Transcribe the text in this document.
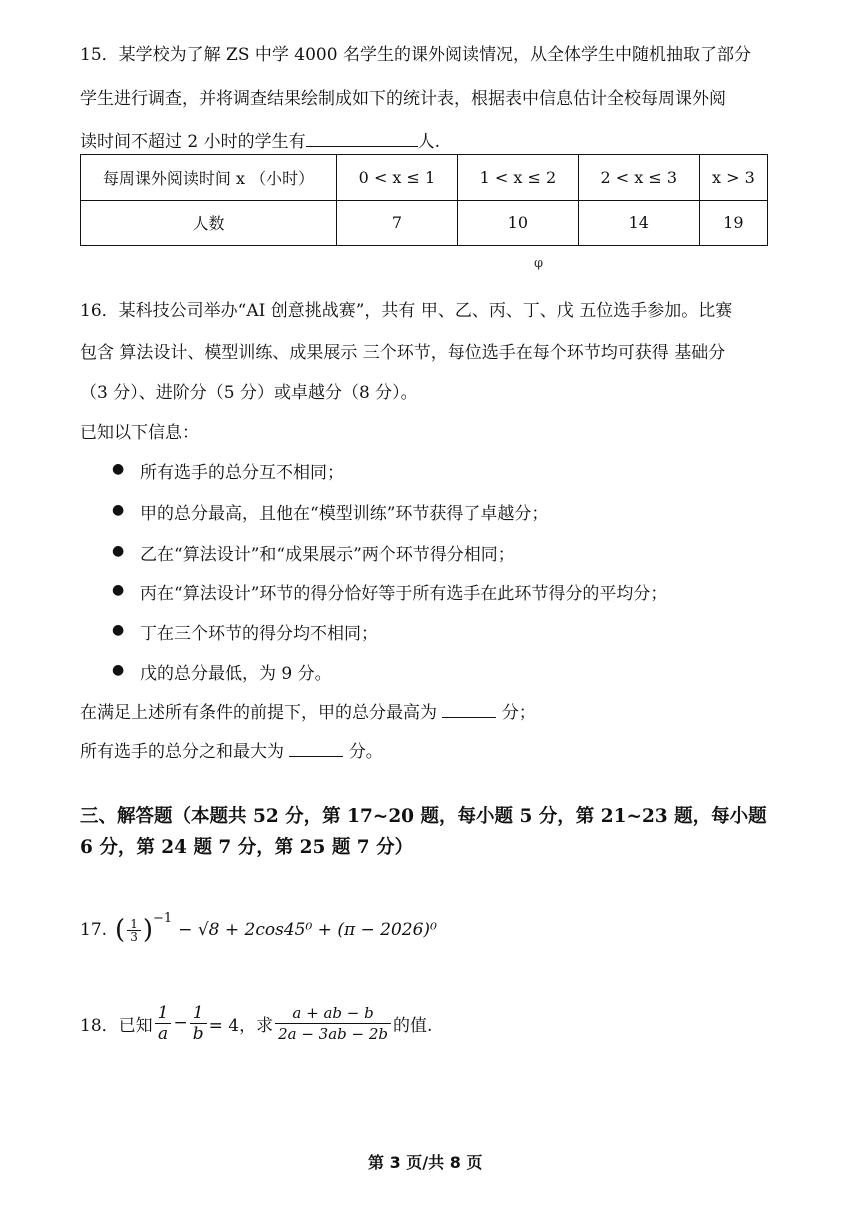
15．某学校为了解 ZS 中学 4000 名学生的课外阅读情况，从全体学生中随机抽取了部分
学生进行调查，并将调查结果绘制成如下的统计表，根据表中信息估计全校每周课外阅
读时间不超过 2 小时的学生有	人.
每周课外阅读时间 x （小时）	0 < x ≤ 1	1 < x ≤ 2	2 < x ≤ 3	x > 3
人数	7	10	14	19
φ
16．某科技公司举办“AI 创意挑战赛”，共有 甲、乙、丙、丁、戊 五位选手参加。比赛
包含 算法设计、模型训练、成果展示 三个环节，每位选手在每个环节均可获得 基础分
（3 分）、进阶分（5 分）或卓越分（8 分）。
已知以下信息：
● 所有选手的总分互不相同；
● 甲的总分最高，且他在“模型训练”环节获得了卓越分；
● 乙在“算法设计”和“成果展示”两个环节得分相同；
● 丙在“算法设计”环节的得分恰好等于所有选手在此环节得分的平均分；
● 丁在三个环节的得分均不相同；
● 戊的总分最低，为 9 分。
在满足上述所有条件的前提下，甲的总分最高为	分；
所有选手的总分之和最大为	分。
三、解答题（本题共 52 分，第 17~20 题，每小题 5 分，第 21~23 题，每小题
6 分，第 24 题 7 分，第 25 题 7 分）
17. ( $\frac{1}{3} )^{-1}$
− √8 + 2cos45⁰ + (π − 2026)⁰
18．已知 $\frac{1}{a} - \frac{1}{b} = 4$，求 $\frac{a + ab - b}{2a - 3ab - 2b}$ 的值.
第 3 页/共 8 页
